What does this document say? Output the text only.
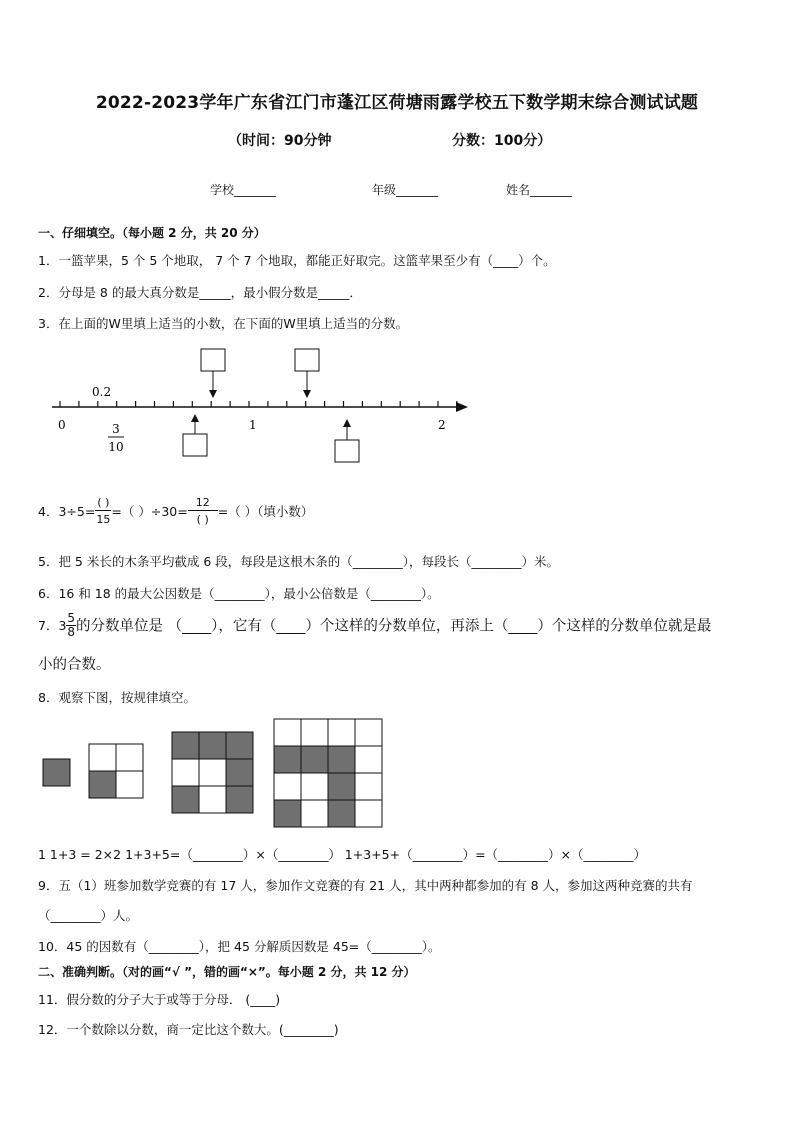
2022-2023学年广东省江门市蓬江区荷塘雨露学校五下数学期末综合测试试题
（时间：90分钟	分数：100分）
学校_______	年级_______	姓名_______
一、仔细填空。（每小题 2 分，共 20 分）
1．一篮苹果，5 个 5 个地取， 7 个 7 个地取，都能正好取完。这篮苹果至少有（____）个。
2．分母是 8 的最大真分数是_____，最小假分数是_____．
3．在上面的W里填上适当的小数，在下面的W里填上适当的分数。
0.2
0	1	2
3
10
4．$3\div 5= \frac{( )}{15}$ =（ ）$\div 30= \frac{12}{( )}$ =（ ）（填小数）
5．把 5 米长的木条平均截成 6 段，每段是这根木条的（________），每段长（________）米。
6．16 和 18 的最大公因数是（________），最小公倍数是（________）。
7．$3 \frac{5}{8}$ 的分数单位是 （____），它有（____）个这样的分数单位，再添上（____）个这样的分数单位就是最
小的合数。
8．观察下图，按规律填空。
1 1+3 = 2×2 1+3+5=（________）×（________） 1+3+5+（________）=（________）×（________）
9．五（1）班参加数学竞赛的有 17 人，参加作文竞赛的有 21 人，其中两种都参加的有 8 人，参加这两种竞赛的共有
（________）人。
10．45 的因数有（________），把 45 分解质因数是 45=（________）。
二、准确判断。（对的画“√ ”，错的画“×”。每小题 2 分，共 12 分）
11．假分数的分子大于或等于分母． (____)
12．一个数除以分数，商一定比这个数大。(________)
